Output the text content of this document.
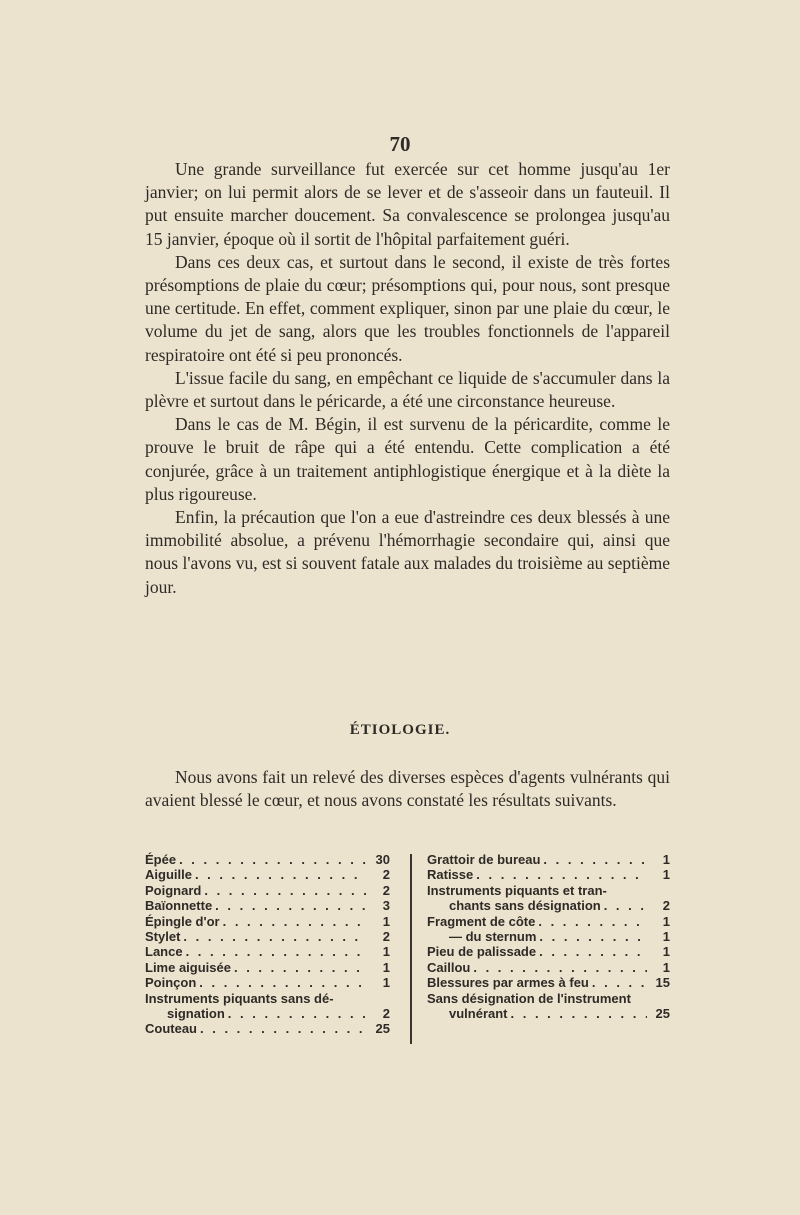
70

Une grande surveillance fut exercée sur cet homme jusqu'au 1er janvier; on lui permit alors de se lever et de s'asseoir dans un fauteuil. Il put ensuite marcher doucement. Sa convalescence se prolongea jusqu'au 15 janvier, époque où il sortit de l'hôpital parfaitement guéri.

Dans ces deux cas, et surtout dans le second, il existe de très fortes présomptions de plaie du cœur; présomptions qui, pour nous, sont presque une certitude. En effet, comment expliquer, sinon par une plaie du cœur, le volume du jet de sang, alors que les troubles fonctionnels de l'appareil respiratoire ont été si peu prononcés.

L'issue facile du sang, en empêchant ce liquide de s'accumuler dans la plèvre et surtout dans le péricarde, a été une circonstance heureuse.

Dans le cas de M. Bégin, il est survenu de la péricardite, comme le prouve le bruit de râpe qui a été entendu. Cette complication a été conjurée, grâce à un traitement antiphlogistique énergique et à la diète la plus rigoureuse.

Enfin, la précaution que l'on a eue d'astreindre ces deux blessés à une immobilité absolue, a prévenu l'hémorrhagie secondaire qui, ainsi que nous l'avons vu, est si souvent fatale aux malades du troisième au septième jour.

ÉTIOLOGIE.

Nous avons fait un relevé des diverses espèces d'agents vulnérants qui avaient blessé le cœur, et nous avons constaté les résultats suivants.

Épée . . .	30
Aiguille . . .	2
Poignard . . .	2
Baïonnette . . .	3
Épingle d'or . . .	1
Stylet . . .	2
Lance . . .	1
Lime aiguisée . . .	1
Poinçon . . .	1
Instruments piquants sans dé-
signation . . .	2
Couteau . . .	25
Grattoir de bureau . . .	1
Ratisse . . .	1
Instruments piquants et tran-
chants sans désignation . . .	2
Fragment de côte . . .	1
— du sternum . . .	1
Pieu de palissade . . .	1
Caillou . . .	1
Blessures par armes à feu . . .	15
Sans désignation de l'instrument
vulnérant . . .	25
